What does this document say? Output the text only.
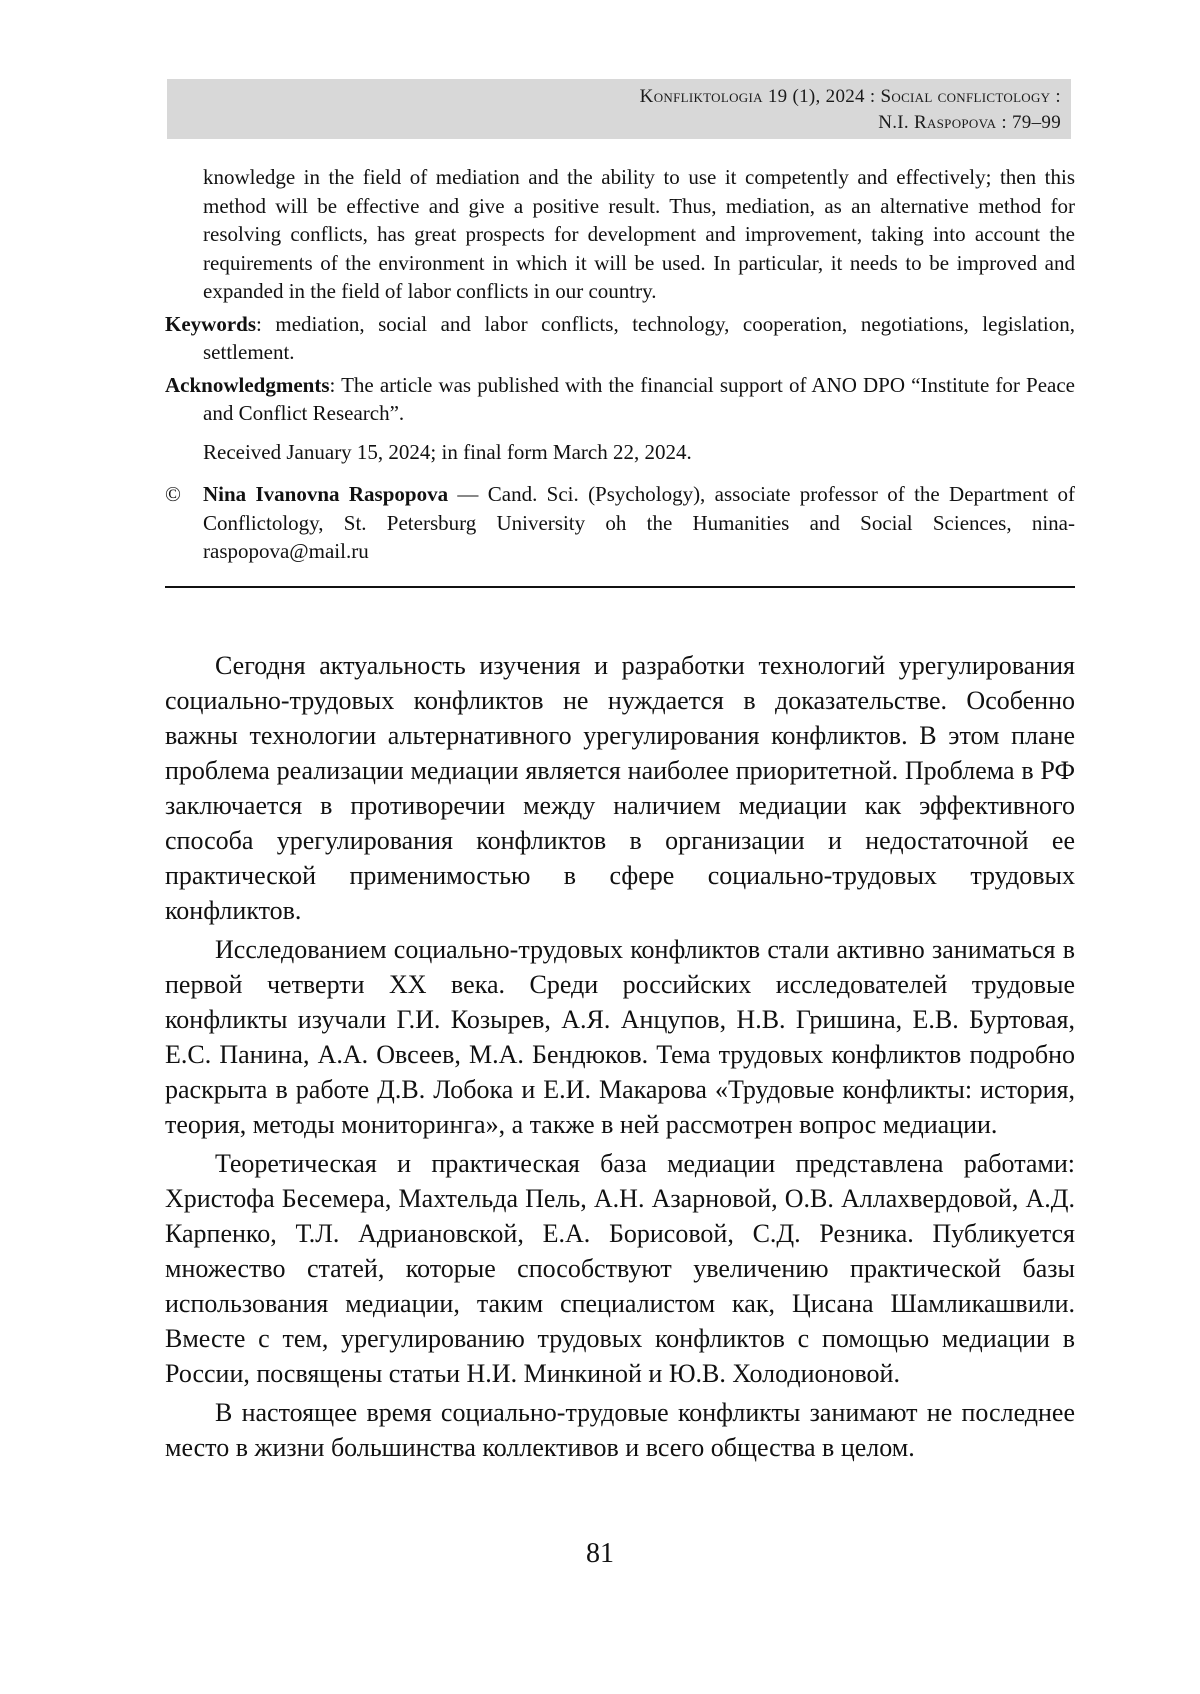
Konfliktologia 19 (1), 2024 : Social conflictology :
N.I. Raspopova : 79–99

knowledge in the field of mediation and the ability to use it competently and effectively; then this method will be effective and give a positive result. Thus, mediation, as an alternative method for resolving conflicts, has great prospects for development and improvement, taking into account the requirements of the environment in which it will be used. In particular, it needs to be improved and expanded in the field of labor conflicts in our country.

Keywords: mediation, social and labor conflicts, technology, cooperation, negotiations, legislation, settlement.

Acknowledgments: The article was published with the financial support of ANO DPO “Institute for Peace and Conflict Research”.

Received January 15, 2024; in final form March 22, 2024.

© Nina Ivanovna Raspopova — Cand. Sci. (Psychology), associate professor of the Department of Conflictology, St. Petersburg University oh the Humanities and Social Sciences, nina-raspopova@mail.ru

Сегодня актуальность изучения и разработки технологий урегулирования социально-трудовых конфликтов не нуждается в доказательстве. Особенно важны технологии альтернативного урегулирования конфликтов. В этом плане проблема реализации медиации является наиболее приоритетной. Проблема в РФ заключается в противоречии между наличием медиации как эффективного способа урегулирования конфликтов в организации и недостаточной ее практической применимостью в сфере социально-трудовых трудовых конфликтов.

Исследованием социально-трудовых конфликтов стали активно заниматься в первой четверти XX века. Среди российских исследователей трудовые конфликты изучали Г.И. Козырев, А.Я. Анцупов, Н.В. Гришина, Е.В. Буртовая, Е.С. Панина, А.А. Овсеев, М.А. Бендюков. Тема трудовых конфликтов подробно раскрыта в работе Д.В. Лобока и Е.И. Макарова «Трудовые конфликты: история, теория, методы мониторинга», а также в ней рассмотрен вопрос медиации.

Теоретическая и практическая база медиации представлена работами: Христофа Бесемера, Махтельда Пель, А.Н. Азарновой, О.В. Аллахвердовой, А.Д. Карпенко, Т.Л. Адриановской, Е.А. Борисовой, С.Д. Резника. Публикуется множество статей, которые способствуют увеличению практической базы использования медиации, таким специалистом как, Цисана Шамликашвили. Вместе с тем, урегулированию трудовых конфликтов с помощью медиации в России, посвящены статьи Н.И. Минкиной и Ю.В. Холодионовой.

В настоящее время социально-трудовые конфликты занимают не последнее место в жизни большинства коллективов и всего общества в целом.

81
